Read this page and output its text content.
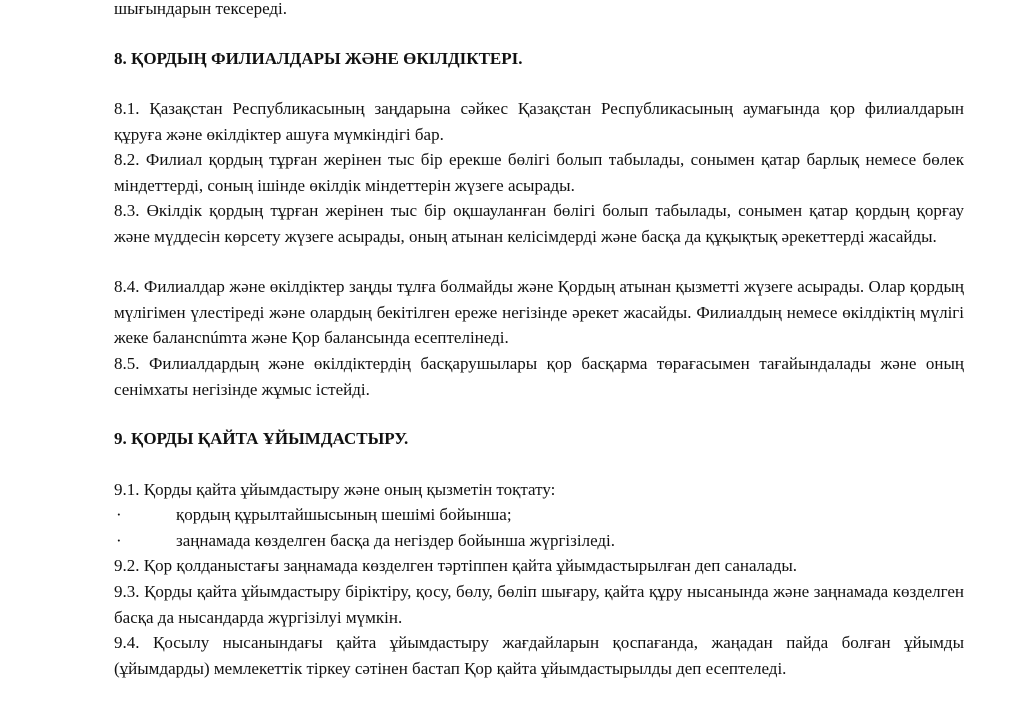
шығындарын тексереді.
8. ҚОРДЫҢ ФИЛИАЛДАРЫ ЖӘНЕ ӨКІЛДІКТЕРІ.
8.1. Қазақстан Республикасының заңдарына сәйкес Қазақстан Республикасының аумағында қор филиалдарын құруға және өкілдіктер ашуға мүмкіндігі бар.
8.2. Филиал қордың тұрған жерінен тыс бір ерекше бөлігі болып табылады, сонымен қатар барлық немесе бөлек міндеттерді, соның ішінде өкілдік міндеттерін жүзеге асырады.
8.3. Өкілдік қордың тұрған жерінен тыс бір оқшауланған бөлігі болып табылады, сонымен қатар қордың қорғау және мүддесін көрсету жүзеге асырады, оның атынан келісімдерді және басқа да құқықтық әрекеттерді жасайды.
8.4. Филиалдар және өкілдіктер заңды тұлға болмайды және Қордың атынан қызметті жүзеге асырады. Олар қордың мүлігімен үлестіреді және олардың бекітілген ереже негізінде әрекет жасайды. Филиалдың немесе өкілдіктің мүлігі жеке балансnúmта және Қор балансында есептелінеді.
8.5. Филиалдардың және өкілдіктердің басқарушылары қор басқарма төрағасымен тағайындалады және оның сенімхаты негізінде жұмыс істейді.
9. ҚОРДЫ ҚАЙТА ҰЙЫМДАСТЫРУ.
9.1. Қорды қайта ұйымдастыру және оның қызметін тоқтату:
·	қордың құрылтайшысының шешімі бойынша;
·	заңнамада көзделген басқа да негіздер бойынша жүргізіледі.
9.2. Қор қолданыстағы заңнамада көзделген тәртіппен қайта ұйымдастырылған деп саналады.
9.3. Қорды қайта ұйымдастыру біріктіру, қосу, бөлу, бөліп шығару, қайта құру нысанында және заңнамада көзделген басқа да нысандарда жүргізілуі мүмкін.
9.4. Қосылу нысанындағы қайта ұйымдастыру жағдайларын қоспағанда, жаңадан пайда болған ұйымды (ұйымдарды) мемлекеттік тіркеу сәтінен бастап Қор қайта ұйымдастырылды деп есептеледі.
